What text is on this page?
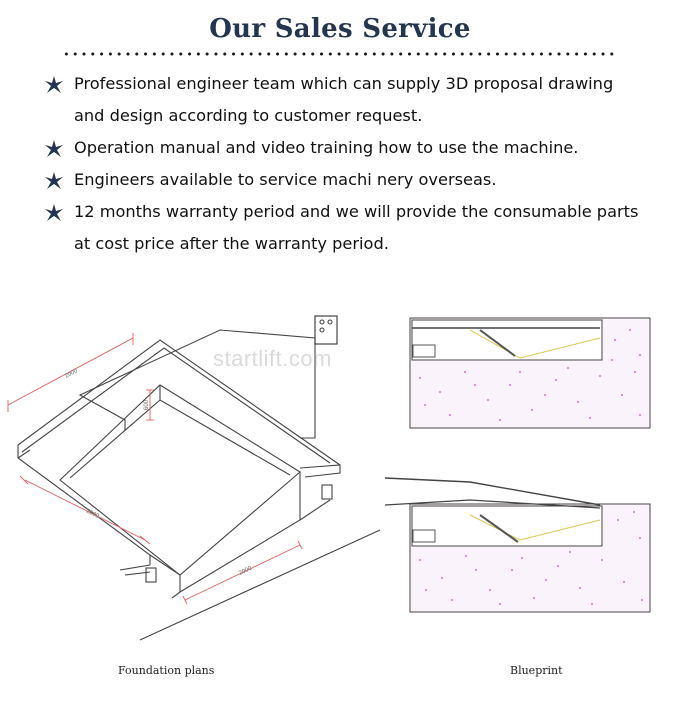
Our Sales Service
Professional engineer team which can supply 3D proposal drawing and design according to customer request.
Operation manual and video training how to use the machine.
Engineers available to service machi nery overseas.
12 months warranty period and we will provide the consumable parts at cost price after the warranty period.
2000
600
2000
2000
startlift.com
Foundation plans	Blueprint
